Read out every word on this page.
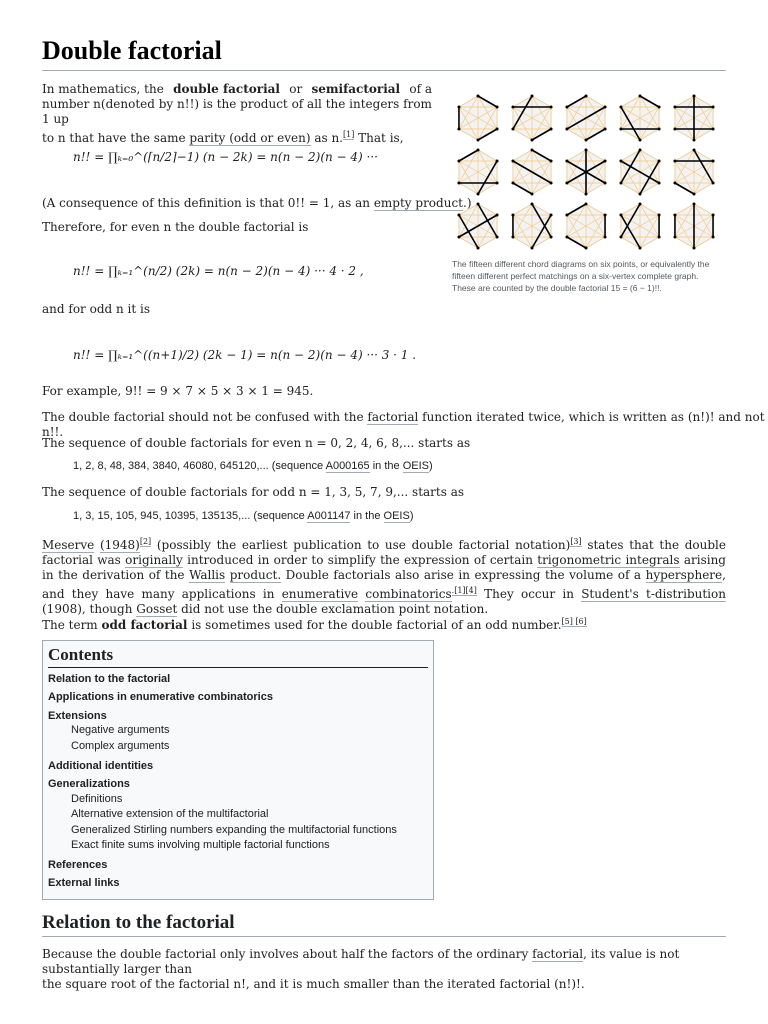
Double factorial
In mathematics, the double factorial or semifactorial of a
number n(denoted by n!!) is the product of all the integers from 1 up
to n that have the same parity (odd or even) as n.[1] That is,
n!! = ∏ₖ₌₀^(⌈n/2⌉−1) (n − 2k) = n(n − 2)(n − 4) ···
(A consequence of this definition is that 0!! = 1, as an empty product.)
Therefore, for even n the double factorial is
n!! = ∏ₖ₌₁^(n/2) (2k) = n(n − 2)(n − 4) ··· 4 · 2 ,
and for odd n it is
n!! = ∏ₖ₌₁^((n+1)/2) (2k − 1) = n(n − 2)(n − 4) ··· 3 · 1 .
For example, 9!! = 9 × 7 × 5 × 3 × 1 = 945.
The double factorial should not be confused with the factorial function iterated twice, which is written as (n!)! and not n!!.
The sequence of double factorials for even n = 0, 2, 4, 6, 8,... starts as
1, 2, 8, 48, 384, 3840, 46080, 645120,... (sequence A000165 in the OEIS)
The sequence of double factorials for odd n = 1, 3, 5, 7, 9,... starts as
1, 3, 15, 105, 945, 10395, 135135,... (sequence A001147 in the OEIS)
Meserve (1948)[2] (possibly the earliest publication to use double factorial notation)[3] states that the double factorial was originally introduced in order to simplify the expression of certain trigonometric integrals arising in the derivation of the Wallis product. Double factorials also arise in expressing the volume of a hypersphere, and they have many applications in enumerative combinatorics$^{.[1][4]}$ They occur in Student's t-distribution (1908), though Gosset did not use the double exclamation point notation.
The term odd factorial is sometimes used for the double factorial of an odd number.[5] [6]
The fifteen different chord diagrams on six points, or equivalently the fifteen different perfect matchings on a six-vertex complete graph. These are counted by the double factorial 15 = (6 − 1)!!.
Contents
Relation to the factorial
Applications in enumerative combinatorics
Extensions
Negative arguments
Complex arguments
Additional identities
Generalizations
Definitions
Alternative extension of the multifactorial
Generalized Stirling numbers expanding the multifactorial functions
Exact finite sums involving multiple factorial functions
References
External links
Relation to the factorial
Because the double factorial only involves about half the factors of the ordinary factorial, its value is not substantially larger than
the square root of the factorial n!, and it is much smaller than the iterated factorial (n!)!.
